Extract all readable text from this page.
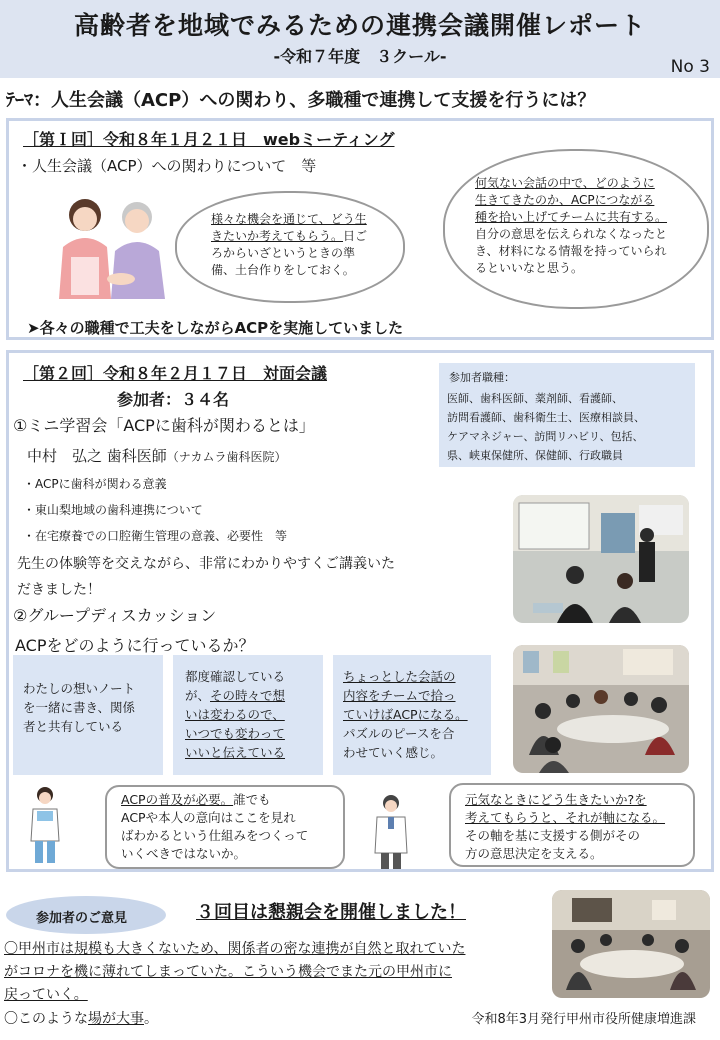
高齢者を地域でみるための連携会議開催レポート
-令和７年度　３クール-
No 3
ﾃｰﾏ：人生会議（ACP）への関わり、多職種で連携して支援を行うには？
［第Ｉ回］令和８年１月２１日　webミーティング
・人生会議（ACP）への関わりについて　等
様々な機会を通じて、どう生
きたいか考えてもらう。日ご
ろからいざというときの準
備、土台作りをしておく。
何気ない会話の中で、どのように
生きてきたのか、ACPにつながる
種を拾い上げてチームに共有する。
自分の意思を伝えられなくなったと
き、材料になる情報を持っていられ
るといいなと思う。
➤各々の職種で工夫をしながらACPを実施していました
［第２回］令和８年２月１７日　対面会議
参加者：３４名
参加者職種：
医師、歯科医師、薬剤師、看護師、
訪問看護師、歯科衛生士、医療相談員、
ケアマネジャー、訪問リハビリ、包括、
県、峡東保健所、保健師、行政職員
①ミニ学習会「ACPに歯科が関わるとは」
中村　弘之 歯科医師（ナカムラ歯科医院）
・ACPに歯科が関わる意義
・東山梨地域の歯科連携について
・在宅療養での口腔衛生管理の意義、必要性　等
先生の体験等を交えながら、非常にわかりやすくご講義いた
だきました！
②グループディスカッション
ACPをどのように行っているか？
わたしの想いノート
を一緒に書き、関係
者と共有している
都度確認している
が、その時々で想
いは変わるので、
いつでも変わって
いいと伝えている
ちょっとした会話の
内容をチームで拾っ
ていけばACPになる。
パズルのピースを合
わせていく感じ。
ACPの普及が必要。誰でも
ACPや本人の意向はここを見れ
ばわかるという仕組みをつくって
いくべきではないか。
元気なときにどう生きたいか?を
考えてもらうと、それが軸になる。
その軸を基に支援する側がその
方の意思決定を支える。
参加者のご意見	３回目は懇親会を開催しました！
〇甲州市は規模も大きくないため、関係者の密な連携が自然と取れていた
がコロナを機に薄れてしまっていた。こういう機会でまた元の甲州市に
戻っていく。
〇このような場が大事。	令和8年3月発行甲州市役所健康増進課
